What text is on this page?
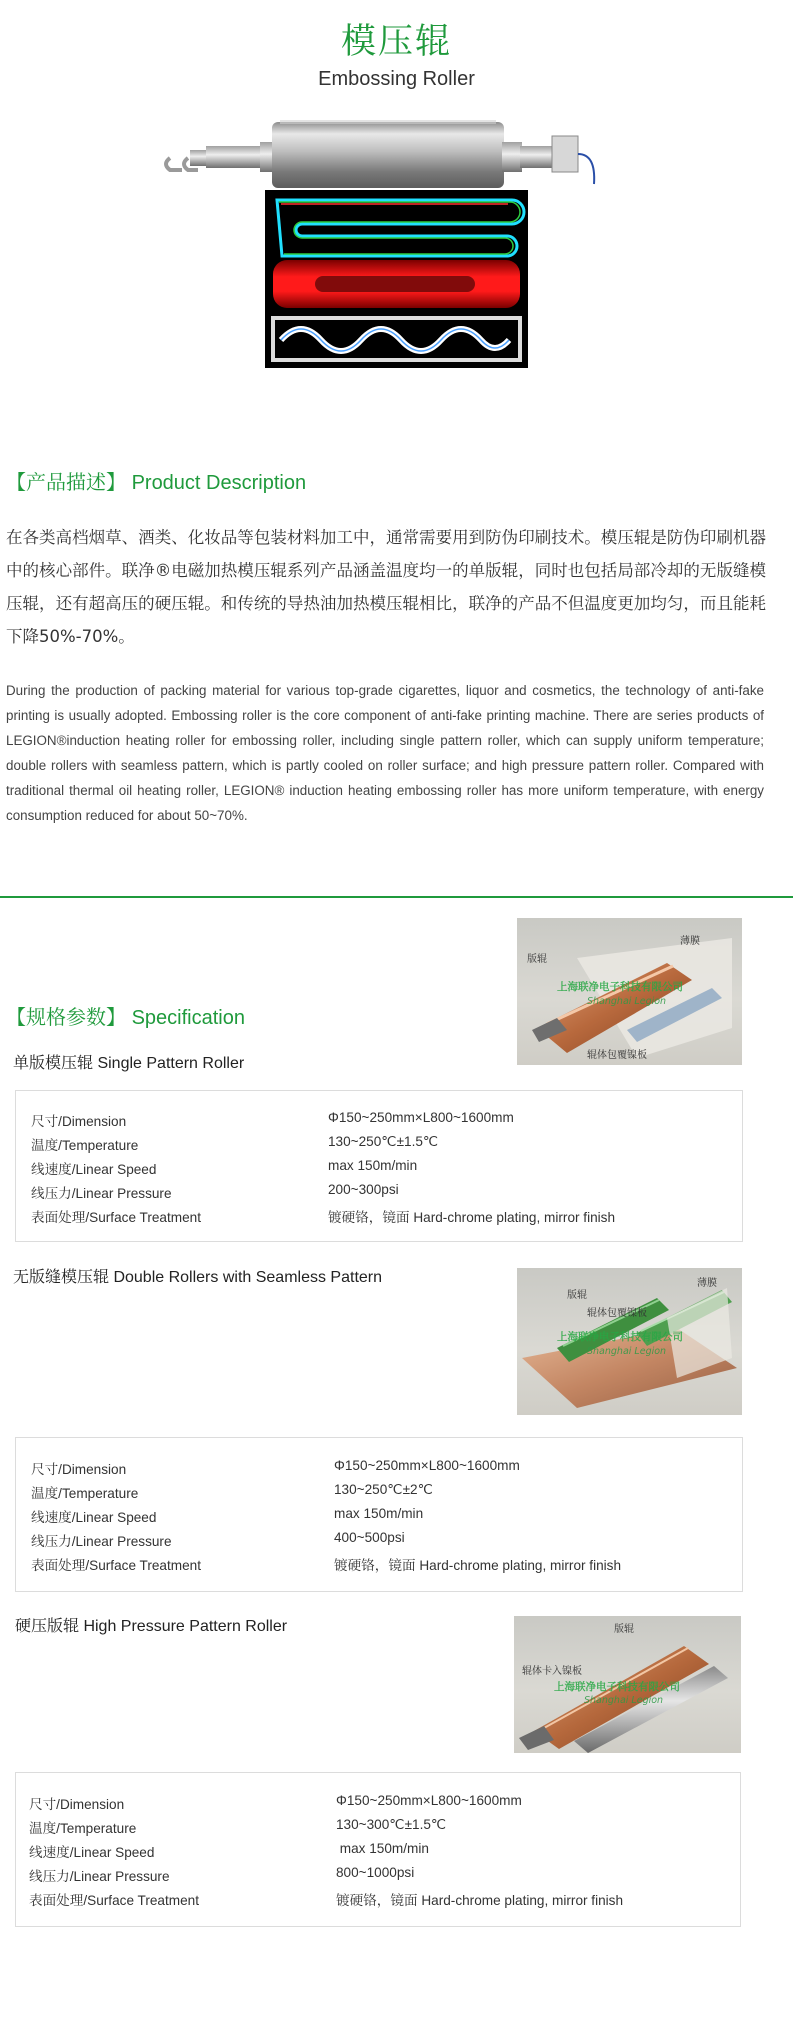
模压辊
Embossing Roller
【产品描述】 Product Description
在各类高档烟草、酒类、化妆品等包装材料加工中，通常需要用到防伪印刷技术。模压辊是防伪印刷机器中的核心部件。联净®电磁加热模压辊系列产品涵盖温度均一的单版辊，同时也包括局部冷却的无版缝模压辊，还有超高压的硬压辊。和传统的导热油加热模压辊相比，联净的产品不但温度更加均匀，而且能耗下降50%-70%。
During the production of packing material for various top-grade cigarettes, liquor and cosmetics, the technology of anti-fake printing is usually adopted. Embossing roller is the core component of anti-fake printing machine. There are series products of LEGION®induction heating roller for embossing roller, including single pattern roller, which can supply uniform temperature; double rollers with seamless pattern, which is partly cooled on roller surface; and high pressure pattern roller. Compared with traditional thermal oil heating roller, LEGION® induction heating embossing roller has more uniform temperature, with energy consumption reduced for about 50~70%.
【规格参数】 Specification
版辊
薄膜
辊体包覆镍板
上海联净电子科技有限公司
Shanghai Legion
单版模压辊 Single Pattern Roller
尺寸/Dimension	Φ150~250mm×L800~1600mm
温度/Temperature	130~250℃±1.5℃
线速度/Linear Speed	max 150m/min
线压力/Linear Pressure	200~300psi
表面处理/Surface Treatment	镀硬铬，镜面 Hard-chrome plating, mirror finish
无版缝模压辊 Double Rollers with Seamless Pattern
版辊
薄膜
辊体包覆镍板
上海联净电子科技有限公司
Shanghai Legion
尺寸/Dimension	Φ150~250mm×L800~1600mm
温度/Temperature	130~250℃±2℃
线速度/Linear Speed	max 150m/min
线压力/Linear Pressure	400~500psi
表面处理/Surface Treatment	镀硬铬，镜面 Hard-chrome plating, mirror finish
硬压版辊 High Pressure Pattern Roller	版辊
辊体卡入镍板
上海联净电子科技有限公司
Shanghai Legion
尺寸/Dimension	Φ150~250mm×L800~1600mm
温度/Temperature	130~300℃±1.5℃
线速度/Linear Speed	max 150m/min
线压力/Linear Pressure	800~1000psi
表面处理/Surface Treatment	镀硬铬，镜面 Hard-chrome plating, mirror finish
